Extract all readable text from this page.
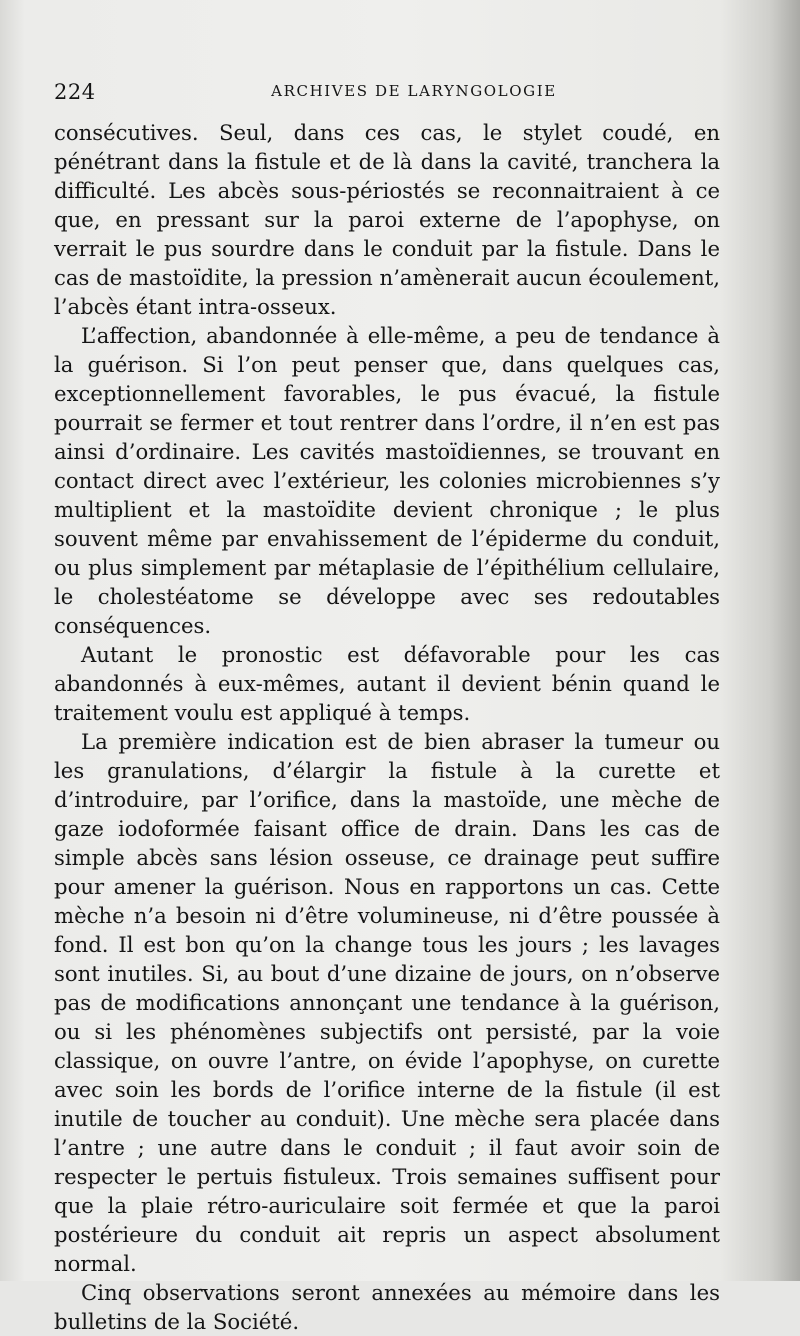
224	ARCHIVES DE LARYNGOLOGIE

consécutives. Seul, dans ces cas, le stylet coudé, en pénétrant dans la fistule et de là dans la cavité, tranchera la difficulté. Les abcès sous-périostés se reconnaitraient à ce que, en pressant sur la paroi externe de l’apophyse, on verrait le pus sourdre dans le conduit par la fistule. Dans le cas de mastoïdite, la pression n’amènerait aucun écoulement, l’abcès étant intra-osseux.

L’affection, abandonnée à elle-même, a peu de tendance à la guérison. Si l’on peut penser que, dans quelques cas, exceptionnellement favorables, le pus évacué, la fistule pourrait se fermer et tout rentrer dans l’ordre, il n’en est pas ainsi d’ordinaire. Les cavités mastoïdiennes, se trouvant en contact direct avec l’extérieur, les colonies microbiennes s’y multiplient et la mastoïdite devient chronique ; le plus souvent même par envahissement de l’épiderme du conduit, ou plus simplement par métaplasie de l’épithélium cellulaire, le cholestéatome se développe avec ses redoutables conséquences.

Autant le pronostic est défavorable pour les cas abandonnés à eux-mêmes, autant il devient bénin quand le traitement voulu est appliqué à temps.

La première indication est de bien abraser la tumeur ou les granulations, d’élargir la fistule à la curette et d’introduire, par l’orifice, dans la mastoïde, une mèche de gaze iodoformée faisant office de drain. Dans les cas de simple abcès sans lésion osseuse, ce drainage peut suffire pour amener la guérison. Nous en rapportons un cas. Cette mèche n’a besoin ni d’être volumineuse, ni d’être poussée à fond. Il est bon qu’on la change tous les jours ; les lavages sont inutiles. Si, au bout d’une dizaine de jours, on n’observe pas de modifications annonçant une tendance à la guérison, ou si les phénomènes subjectifs ont persisté, par la voie classique, on ouvre l’antre, on évide l’apophyse, on curette avec soin les bords de l’orifice interne de la fistule (il est inutile de toucher au conduit). Une mèche sera placée dans l’antre ; une autre dans le conduit ; il faut avoir soin de respecter le pertuis fistuleux. Trois semaines suffisent pour que la plaie rétro-auriculaire soit fermée et que la paroi postérieure du conduit ait repris un aspect absolument normal.

Cinq observations seront annexées au mémoire dans les bulletins de la Société.
